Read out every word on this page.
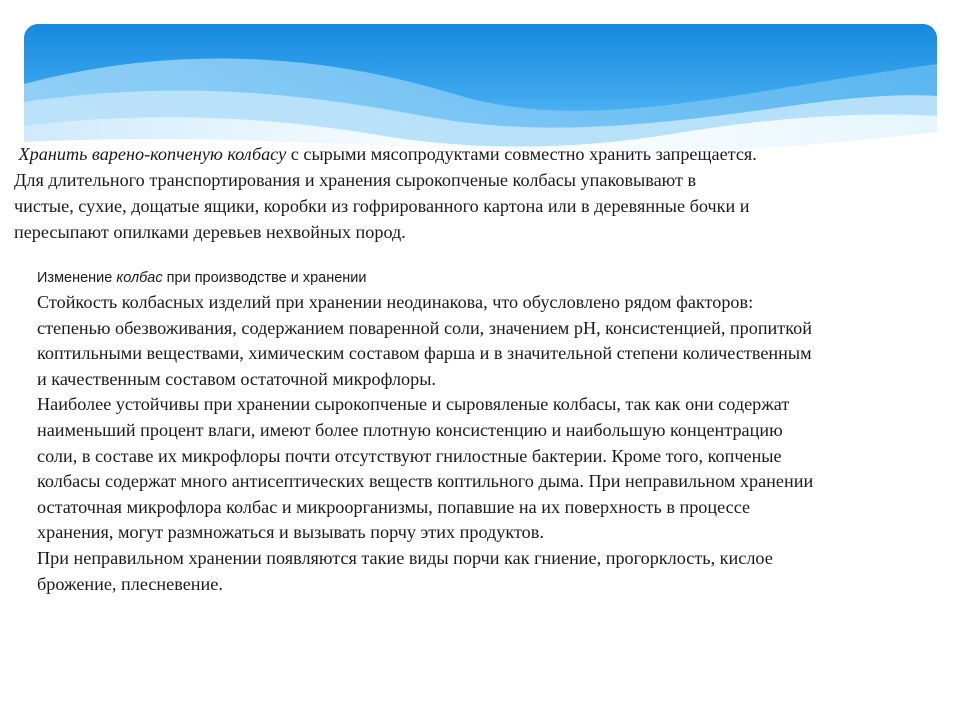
Хранить варено-копченую колбасу с сырыми мясопродуктами совместно хранить запрещается.
Для длительного транспортирования и хранения сырокопченые колбасы упаковывают в
чистые, сухие, дощатые ящики, коробки из гофрированного картона или в деревянные бочки и
пересыпают опилками деревьев нехвойных пород.
Изменение колбас при производстве и хранении
Стойкость колбасных изделий при хранении неодинакова, что обусловлено рядом факторов:
степенью обезвоживания, содержанием поваренной соли, значением рН, консистенцией, пропиткой
коптильными веществами, химическим составом фарша и в значительной степени количественным
и качественным составом остаточной микрофлоры.
Наиболее устойчивы при хранении сырокопченые и сыровяленые колбасы, так как они содержат
наименьший процент влаги, имеют более плотную консистенцию и наибольшую концентрацию
соли, в составе их микрофлоры почти отсутствуют гнилостные бактерии. Кроме того, копченые
колбасы содержат много антисептических веществ коптильного дыма. При неправильном хранении
остаточная микрофлора колбас и микроорганизмы, попавшие на их поверхность в процессе
хранения, могут размножаться и вызывать порчу этих продуктов.
При неправильном хранении появляются такие виды порчи как гниение, прогорклость, кислое
брожение, плесневение.
